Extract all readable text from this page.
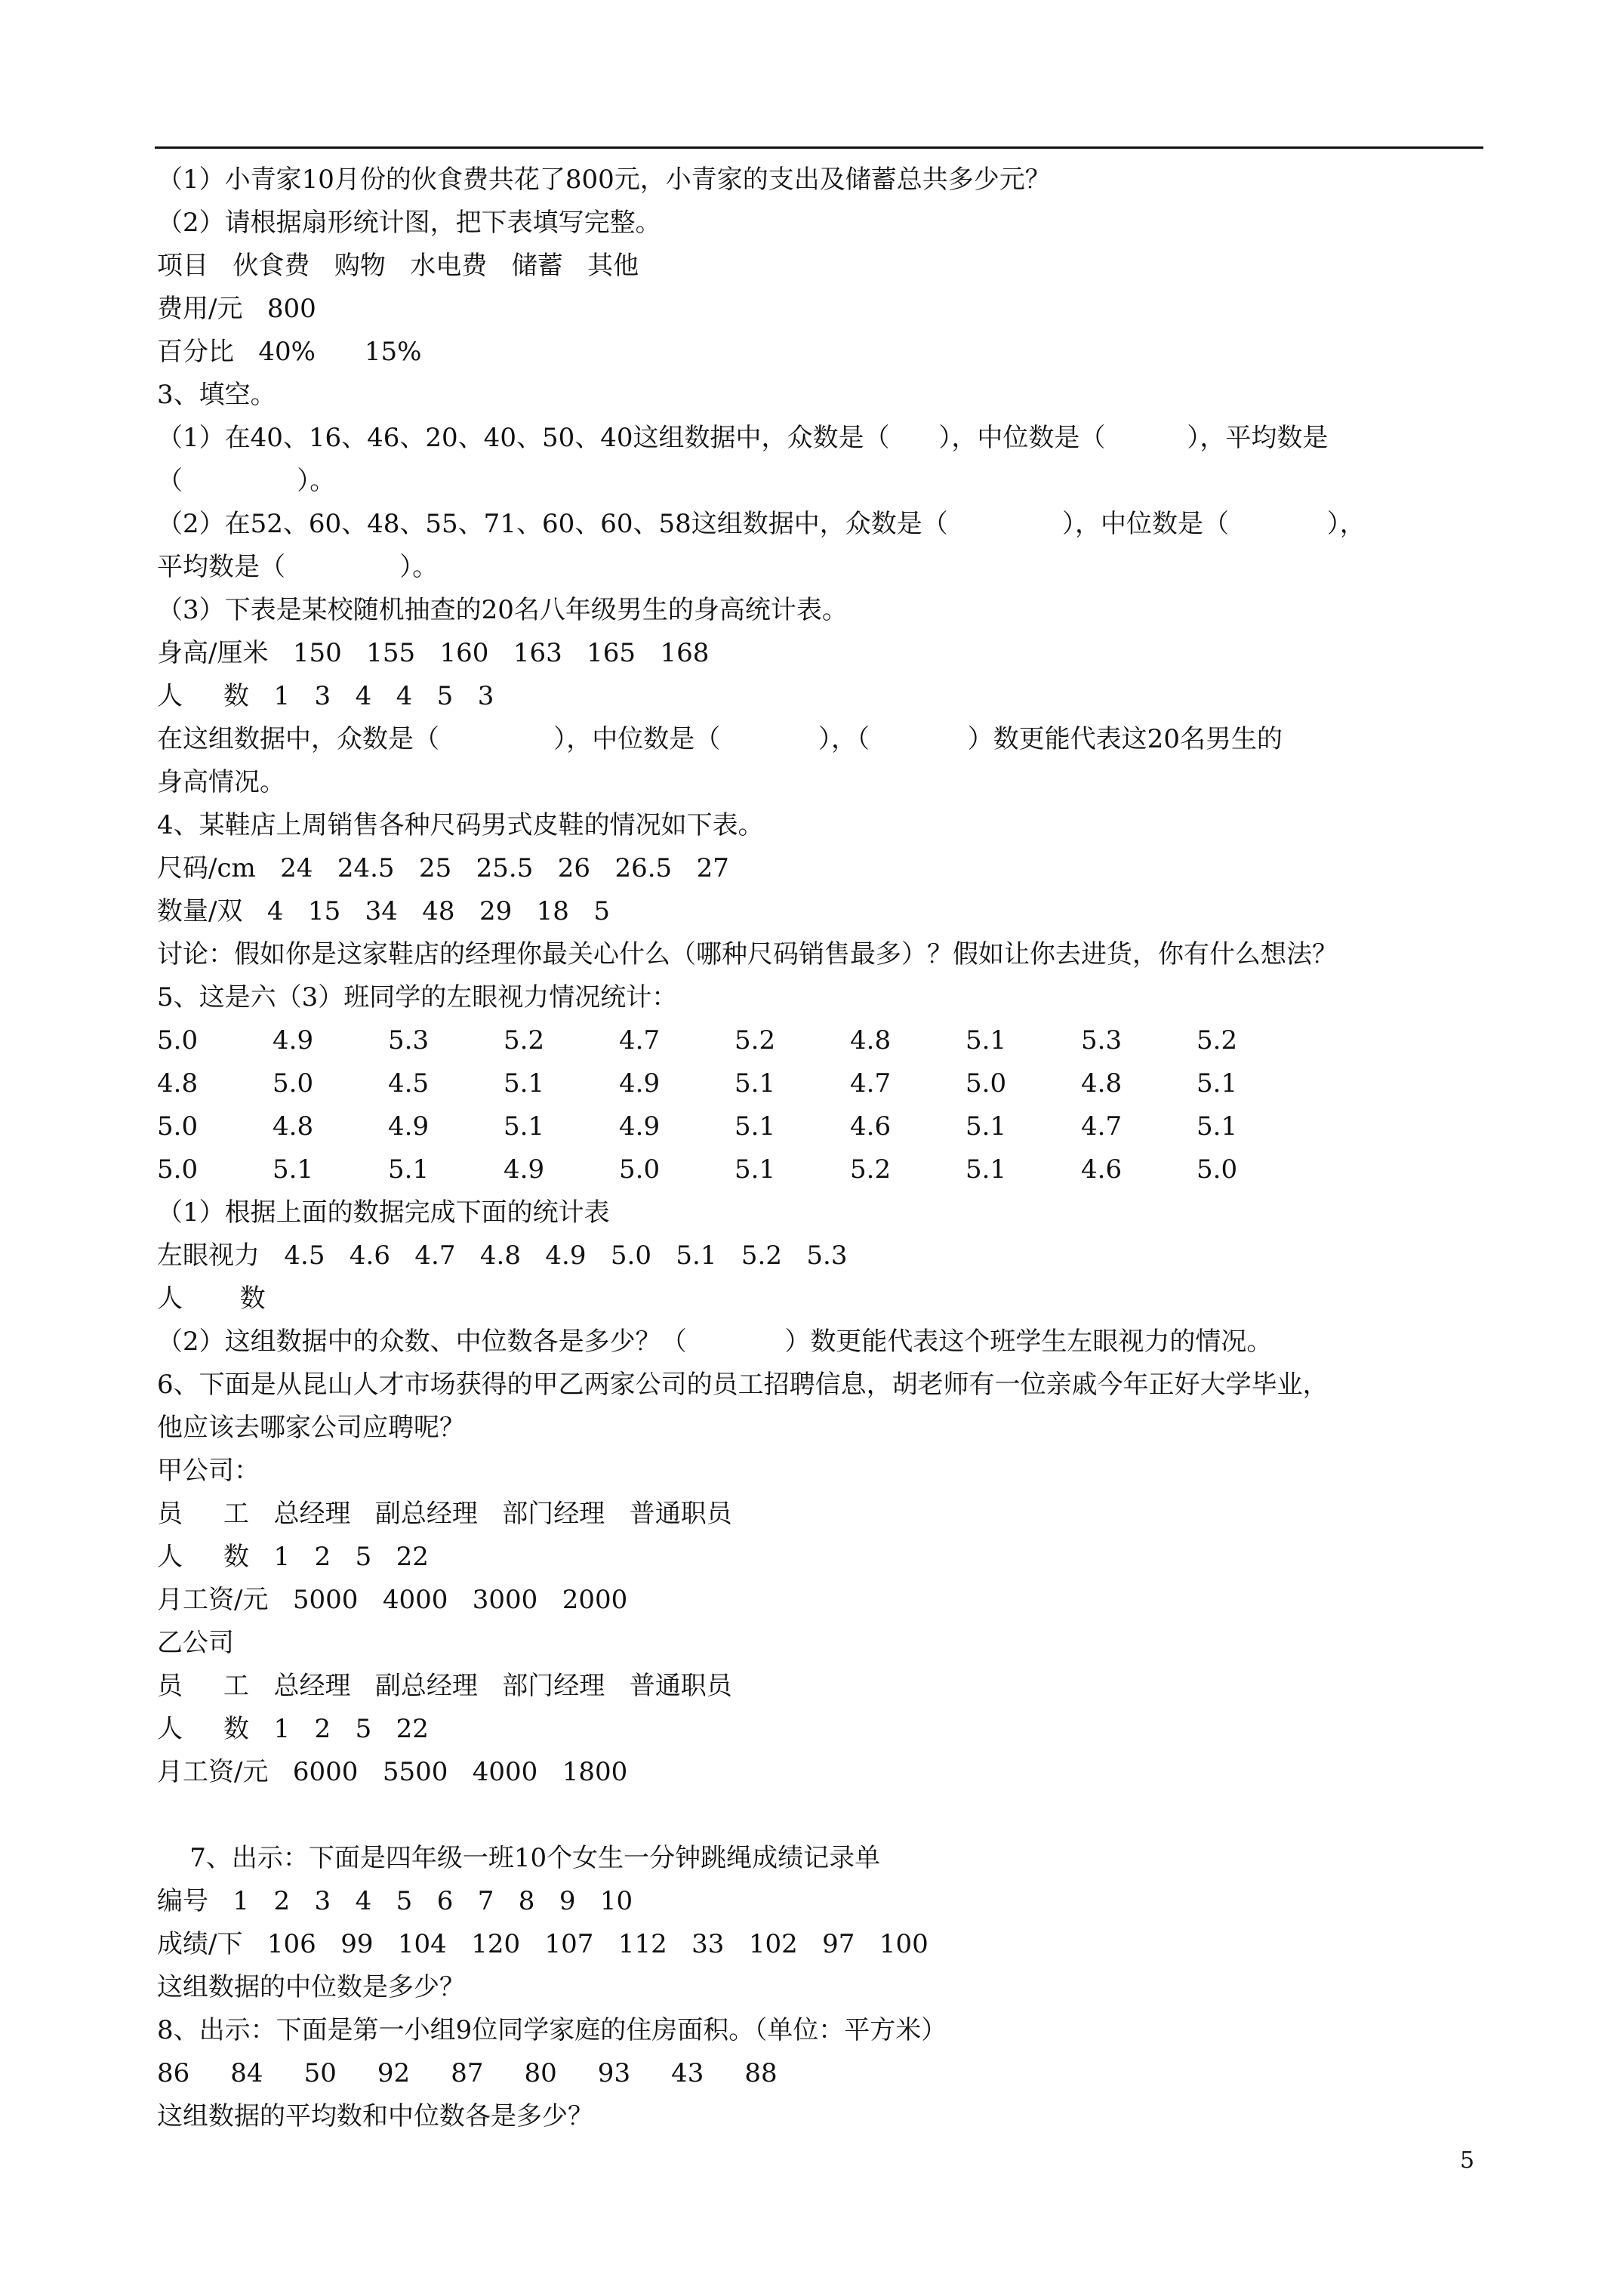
（1）小青家10月份的伙食费共花了800元，小青家的支出及储蓄总共多少元？
（2）请根据扇形统计图，把下表填写完整。
项目   伙食费   购物   水电费   储蓄   其他
费用/元   800
百分比   40%      15%
3、填空。
（1）在40、16、46、20、40、50、40这组数据中，众数是（      ），中位数是（          ），平均数是
（              ）。
（2）在52、60、48、55、71、60、60、58这组数据中，众数是（              ），中位数是（            ），
平均数是（              ）。
（3）下表是某校随机抽查的20名八年级男生的身高统计表。
身高/厘米   150   155   160   163   165   168
人     数   1   3   4   4   5   3
在这组数据中，众数是（              ），中位数是（            ），（            ）数更能代表这20名男生的
身高情况。
4、某鞋店上周销售各种尺码男式皮鞋的情况如下表。
尺码/cm   24   24.5   25   25.5   26   26.5   27
数量/双   4   15   34   48   29   18   5
讨论：假如你是这家鞋店的经理你最关心什么（哪种尺码销售最多）？假如让你去进货，你有什么想法？
5、这是六（3）班同学的左眼视力情况统计：
5.0	4.9	5.3	5.2	4.7	5.2	4.8	5.1	5.3	5.2
4.8	5.0	4.5	5.1	4.9	5.1	4.7	5.0	4.8	5.1
5.0	4.8	4.9	5.1	4.9	5.1	4.6	5.1	4.7	5.1
5.0	5.1	5.1	4.9	5.0	5.1	5.2	5.1	4.6	5.0
（1）根据上面的数据完成下面的统计表
左眼视力   4.5   4.6   4.7   4.8   4.9   5.0   5.1   5.2   5.3
人       数
（2）这组数据中的众数、中位数各是多少？（            ）数更能代表这个班学生左眼视力的情况。
6、下面是从昆山人才市场获得的甲乙两家公司的员工招聘信息，胡老师有一位亲戚今年正好大学毕业，
他应该去哪家公司应聘呢？
甲公司：
员     工   总经理   副总经理   部门经理   普通职员
人     数   1   2   5   22
月工资/元   5000   4000   3000   2000
乙公司
员     工   总经理   副总经理   部门经理   普通职员
人     数   1   2   5   22
月工资/元   6000   5500   4000   1800
7、出示：下面是四年级一班10个女生一分钟跳绳成绩记录单
编号   1   2   3   4   5   6   7   8   9   10
成绩/下   106   99   104   120   107   112   33   102   97   100
这组数据的中位数是多少？
8、出示：下面是第一小组9位同学家庭的住房面积。（单位：平方米）
86     84     50     92     87     80     93     43     88
这组数据的平均数和中位数各是多少？
5
